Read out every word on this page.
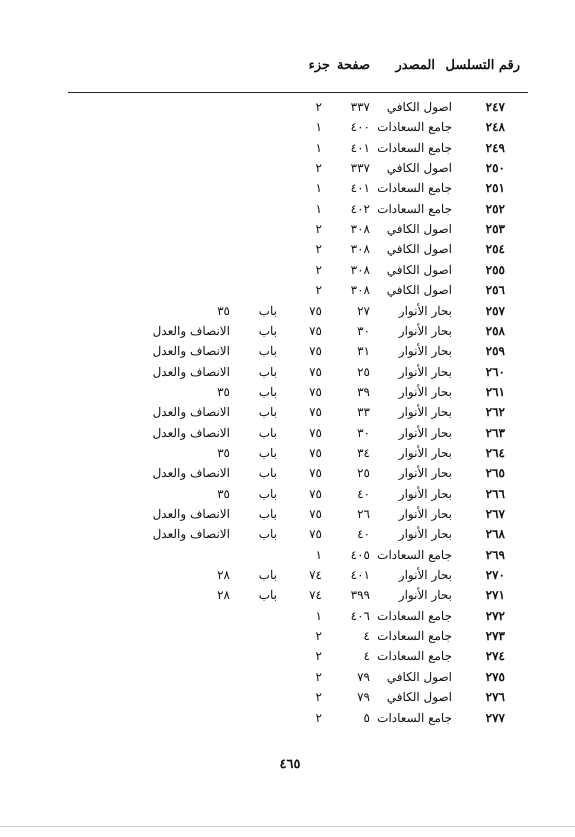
رقم التسلسل
المصدر
صفحة
جزء
٢٤٧
اصول الكافي
٣٣٧
٢
٢٤٨
جامع السعادات
٤٠٠
١
٢٤٩
جامع السعادات
٤٠١
١
٢٥٠
اصول الكافي
٣٣٧
٢
٢٥١
جامع السعادات
٤٠١
١
٢٥٢
جامع السعادات
٤٠٢
١
٢٥٣
اصول الكافي
٣٠٨
٢
٢٥٤
اصول الكافي
٣٠٨
٢
٢٥٥
اصول الكافي
٣٠٨
٢
٢٥٦
اصول الكافي
٣٠٨
٢
٢٥٧
بحار الأنوار
٢٧
٧٥
باب
٣٥
٢٥٨
بحار الأنوار
٣٠
٧٥
باب
الانصاف والعدل
٢٥٩
بحار الأنوار
٣١
٧٥
باب
الانصاف والعدل
٢٦٠
بحار الأنوار
٢٥
٧٥
باب
الانصاف والعدل
٢٦١
بحار الأنوار
٣٩
٧٥
باب
٣٥
٢٦٢
بحار الأنوار
٣٣
٧٥
باب
الانصاف والعدل
٢٦٣
بحار الأنوار
٣٠
٧٥
باب
الانصاف والعدل
٢٦٤
بحار الأنوار
٣٤
٧٥
باب
٣٥
٢٦٥
بحار الأنوار
٢٥
٧٥
باب
الانصاف والعدل
٢٦٦
بحار الأنوار
٤٠
٧٥
باب
٣٥
٢٦٧
بحار الأنوار
٢٦
٧٥
باب
الانصاف والعدل
٢٦٨
بحار الأنوار
٤٠
٧٥
باب
الانصاف والعدل
٢٦٩
جامع السعادات
٤٠٥
١
٢٧٠
بحار الأنوار
٤٠١
٧٤
باب
٢٨
٢٧١
بحار الأنوار
٣٩٩
٧٤
باب
٢٨
٢٧٢
جامع السعادات
٤٠٦
١
٢٧٣
جامع السعادات
٤
٢
٢٧٤
جامع السعادات
٤
٢
٢٧٥
اصول الكافي
٧٩
٢
٢٧٦
اصول الكافي
٧٩
٢
٢٧٧
جامع السعادات
٥
٢
٤٦٥
